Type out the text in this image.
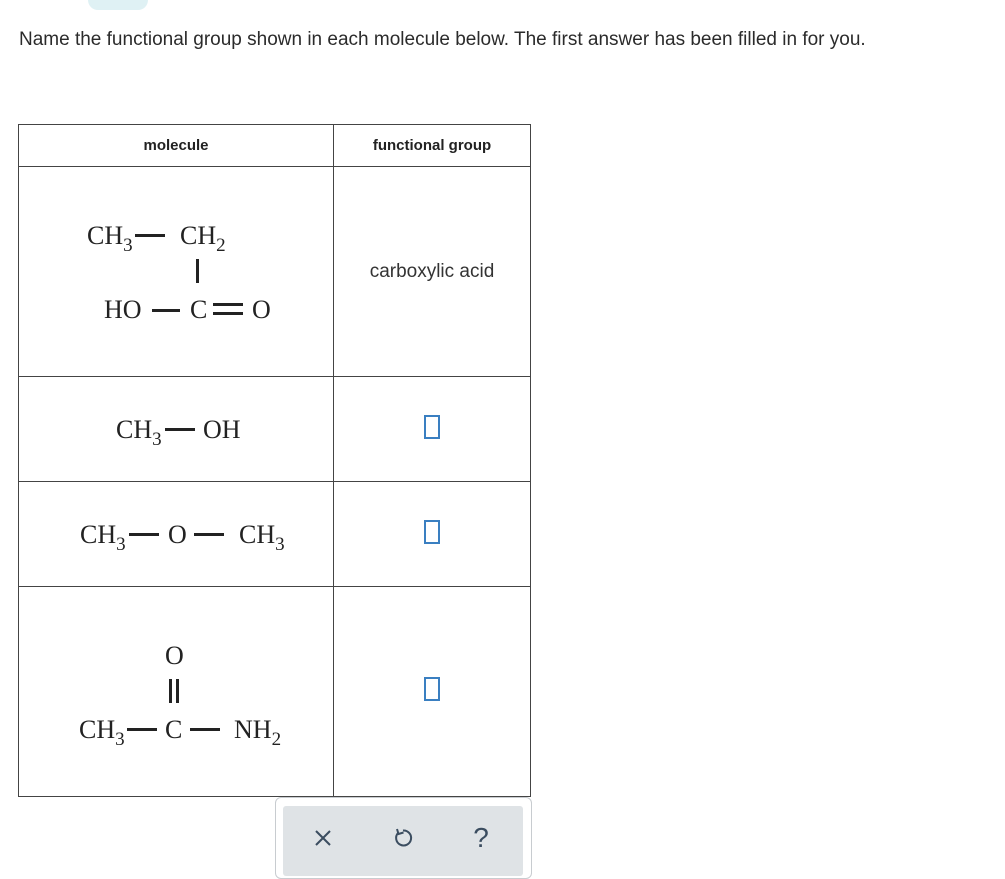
Name the functional group shown in each molecule below. The first answer has been filled in for you.
molecule	functional group

$CH_3$ $CH_2$
HO C O	carboxylic acid

$CH_3$ OH	

$CH_3$ O $CH_3$

O
$CH_3$ C $NH_2$

?
